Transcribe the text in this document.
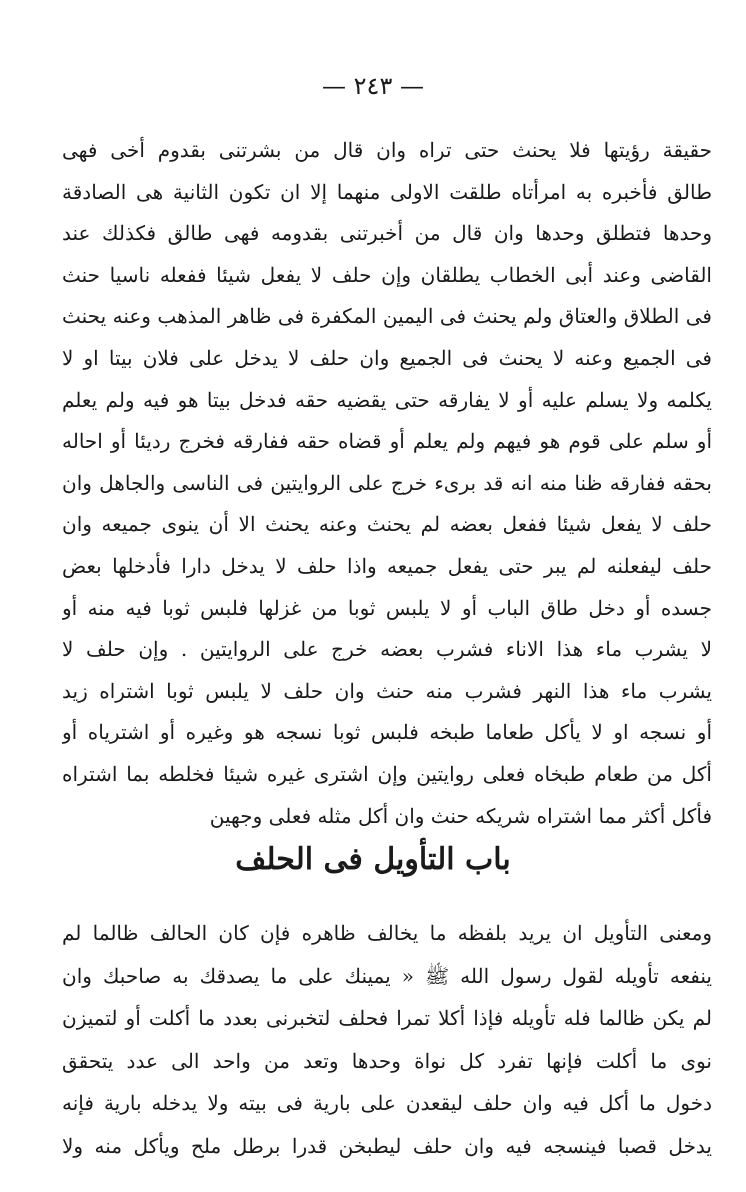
— ٢٤٣ —
حقيقة رؤيتها فلا يحنث حتى تراه وان قال من بشرتنى بقدوم أخى فهى
طالق فأخبره به امرأتاه طلقت الاولى منهما إلا ان تكون الثانية هى الصادقة
وحدها فتطلق وحدها وان قال من أخبرتنى بقدومه فهى طالق فكذلك عند
القاضى وعند أبى الخطاب يطلقان وإن حلف لا يفعل شيئا ففعله ناسيا حنث
فى الطلاق والعتاق ولم يحنث فى اليمين المكفرة فى ظاهر المذهب وعنه يحنث
فى الجميع وعنه لا يحنث فى الجميع وان حلف لا يدخل على فلان بيتا او لا
يكلمه ولا يسلم عليه أو لا يفارقه حتى يقضيه حقه فدخل بيتا هو فيه ولم يعلم
أو سلم على قوم هو فيهم ولم يعلم أو قضاه حقه ففارقه فخرج رديئا أو احاله
بحقه ففارقه ظنا منه انه قد برىء خرج على الروايتين فى الناسى والجاهل وان
حلف لا يفعل شيئا ففعل بعضه لم يحنث وعنه يحنث الا أن ينوى جميعه وان
حلف ليفعلنه لم يبر حتى يفعل جميعه واذا حلف لا يدخل دارا فأدخلها بعض
جسده أو دخل طاق الباب أو لا يلبس ثوبا من غزلها فلبس ثوبا فيه منه أو
لا يشرب ماء هذا الاناء فشرب بعضه خرج على الروايتين . وإن حلف لا
يشرب ماء هذا النهر فشرب منه حنث وان حلف لا يلبس ثوبا اشتراه زيد
أو نسجه او لا يأكل طعاما طبخه فلبس ثوبا نسجه هو وغيره أو اشترياه أو
أكل من طعام طبخاه فعلى روايتين وإن اشترى غيره شيئا فخلطه بما اشتراه
فأكل أكثر مما اشتراه شريكه حنث وان أكل مثله فعلى وجهين
باب التأويل فى الحلف
ومعنى التأويل ان يريد بلفظه ما يخالف ظاهره فإن كان الحالف ظالما لم
ينفعه تأويله لقول رسول الله ﷺ « يمينك على ما يصدقك به صاحبك وان
لم يكن ظالما فله تأويله فإذا أكلا تمرا فحلف لتخبرنى بعدد ما أكلت أو لتميزن
نوى ما أكلت فإنها تفرد كل نواة وحدها وتعد من واحد الى عدد يتحقق
دخول ما أكل فيه وان حلف ليقعدن على بارية فى بيته ولا يدخله بارية فإنه
يدخل قصبا فينسجه فيه وان حلف ليطبخن قدرا برطل ملح ويأكل منه ولا
